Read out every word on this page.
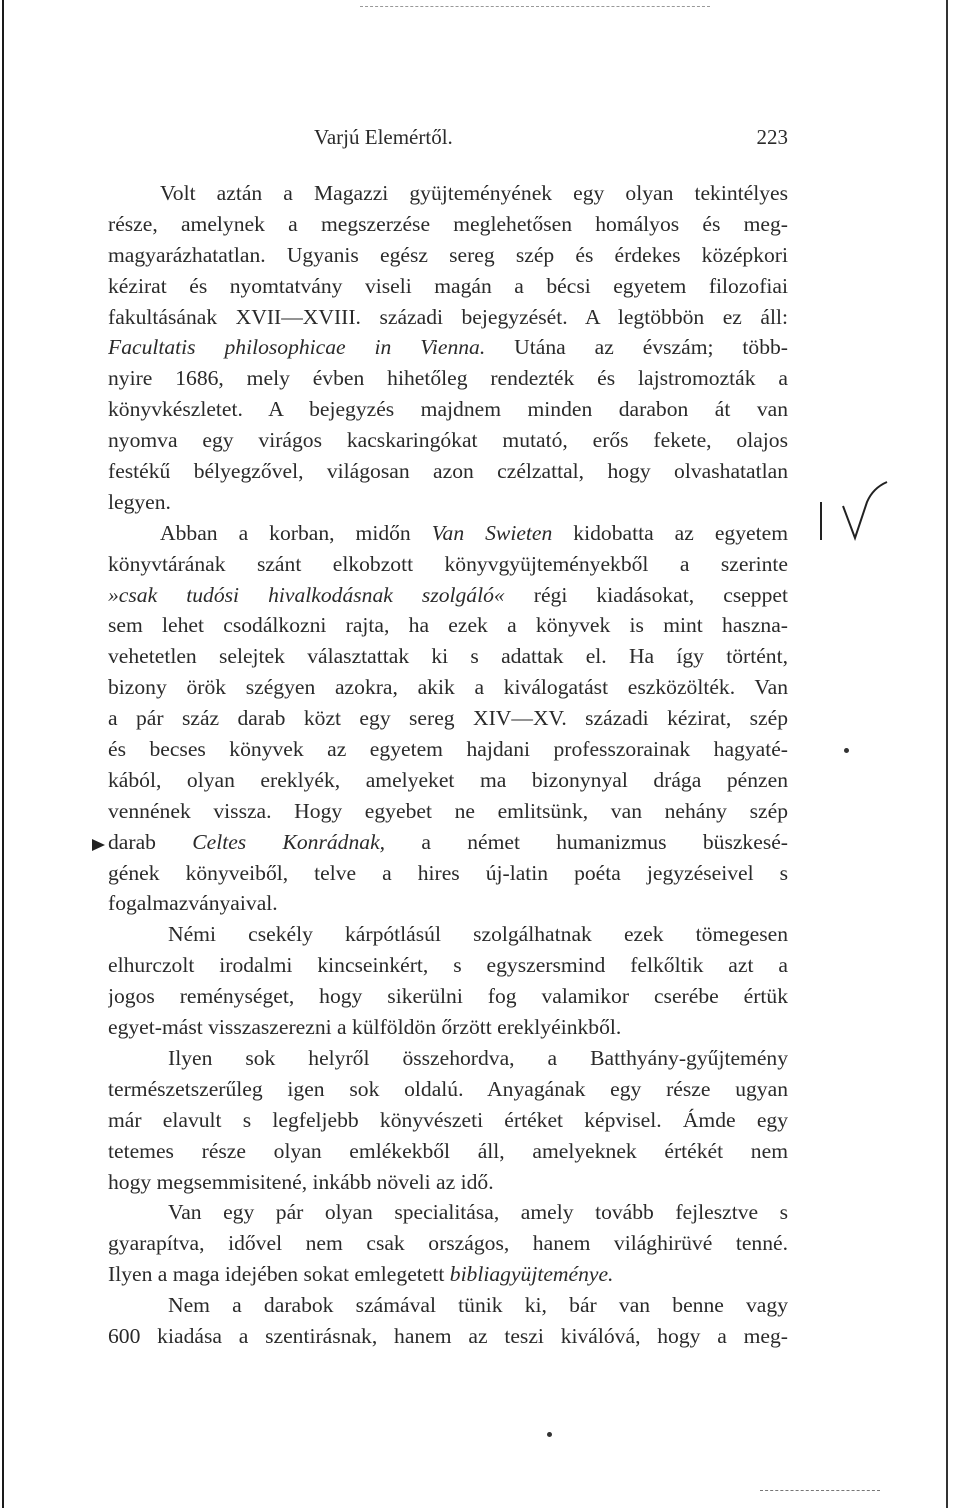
Varjú Elemértől.	223
Volt aztán a Magazzi gyüjteményének egy olyan tekintélyes
része, amelynek a megszerzése meglehetősen homályos és meg-
magyarázhatatlan. Ugyanis egész sereg szép és érdekes középkori
kézirat és nyomtatvány viseli magán a bécsi egyetem filozofiai
fakultásának XVII—XVIII. századi bejegyzését. A legtöbbön ez áll:
Facultatis philosophicae in Vienna. Utána az évszám; több-
nyire 1686, mely évben hihetőleg rendezték és lajstromozták a
könyvkészletet. A bejegyzés majdnem minden darabon át van
nyomva egy virágos kacskaringókat mutató, erős fekete, olajos
festékű bélyegzővel, világosan azon czélzattal, hogy olvashatatlan
legyen.
Abban a korban, midőn Van Swieten kidobatta az egyetem
könyvtárának szánt elkobzott könyvgyüjteményekből a szerinte
»csak tudósi hivalkodásnak szolgáló« régi kiadásokat, cseppet
sem lehet csodálkozni rajta, ha ezek a könyvek is mint haszna-
vehetetlen selejtek választattak ki s adattak el. Ha így történt,
bizony örök szégyen azokra, akik a kiválogatást eszközölték. Van
a pár száz darab közt egy sereg XIV—XV. századi kézirat, szép
és becses könyvek az egyetem hajdani professzorainak hagyaté-
kából, olyan ereklyék, amelyeket ma bizonynyal drága pénzen
vennének vissza. Hogy egyebet ne emlitsünk, van nehány szép
darab Celtes Konrádnak, a német humanizmus büszkesé-
gének könyveiből, telve a hires új-latin poéta jegyzéseivel s
fogalmazványaival.
Némi csekély kárpótlásúl szolgálhatnak ezek tömegesen
elhurczolt irodalmi kincseinkért, s egyszersmind felkőltik azt a
jogos reménységet, hogy sikerülni fog valamikor cserébe értük
egyet-mást visszaszerezni a külföldön őrzött ereklyéinkből.
Ilyen sok helyről összehordva, a Batthyány-gyűjtemény
természetszerűleg igen sok oldalú. Anyagának egy része ugyan
már elavult s legfeljebb könyvészeti értéket képvisel. Ámde egy
tetemes része olyan emlékekből áll, amelyeknek értékét nem
hogy megsemmisitené, inkább növeli az idő.
Van egy pár olyan specialitása, amely tovább fejlesztve s
gyarapítva, idővel nem csak országos, hanem világhirüvé tenné.
Ilyen a maga idejében sokat emlegetett bibliagyüjteménye.
Nem a darabok számával tünik ki, bár van benne vagy
600 kiadása a szentirásnak, hanem az teszi kiválóvá, hogy a meg-
